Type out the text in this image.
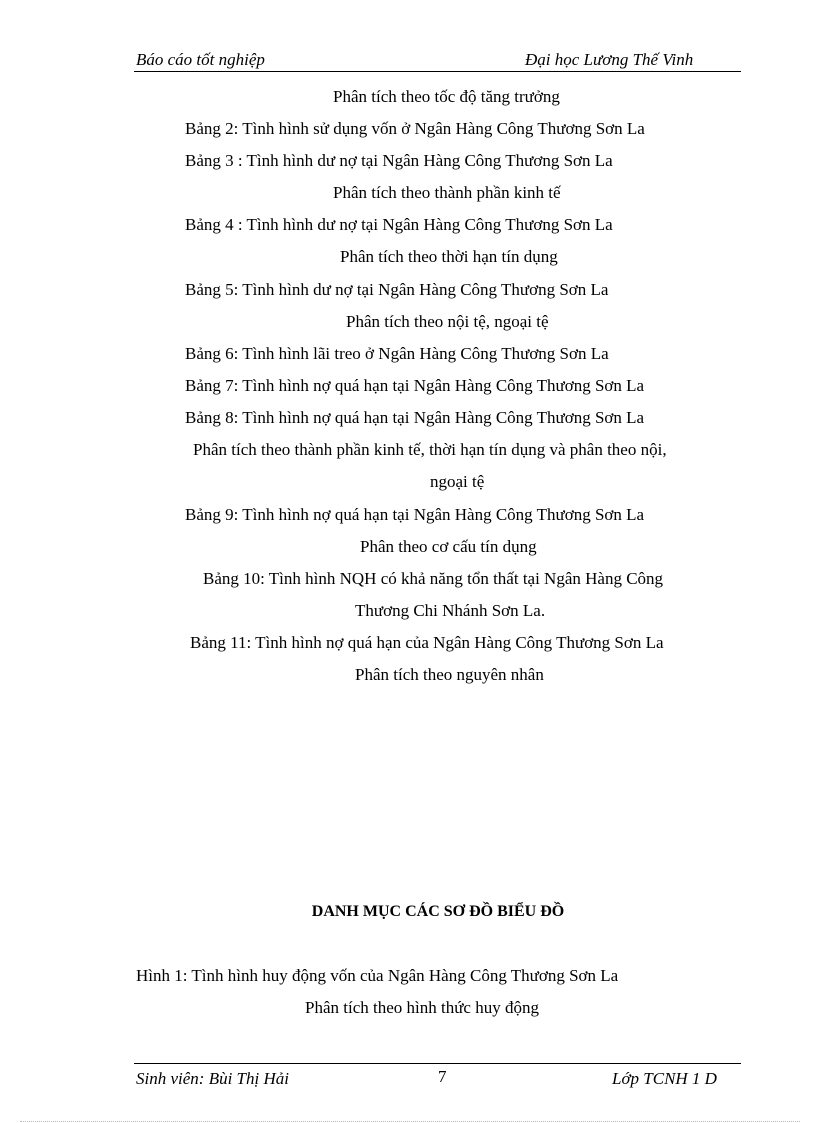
Báo cáo tốt nghiệp	Đại học Lương Thế Vinh
Phân tích theo tốc độ tăng trưởng
Bảng 2: Tình hình sử dụng vốn ở Ngân Hàng Công Thương Sơn La
Bảng 3 : Tình hình dư nợ tại Ngân Hàng Công Thương Sơn La
Phân tích theo thành phần kinh tế
Bảng 4 : Tình hình dư nợ tại Ngân Hàng Công Thương Sơn La
Phân tích theo thời hạn tín dụng
Bảng 5: Tình hình dư nợ tại Ngân Hàng Công Thương Sơn La
Phân tích theo nội tệ, ngoại tệ
Bảng 6: Tình hình lãi treo ở Ngân Hàng Công Thương Sơn La
Bảng 7: Tình hình nợ quá hạn tại Ngân Hàng Công Thương Sơn La
Bảng 8: Tình hình nợ quá hạn tại Ngân Hàng Công Thương Sơn La
Phân tích theo thành phần kinh tế, thời hạn tín dụng và phân theo nội,
ngoại tệ
Bảng 9: Tình hình nợ quá hạn tại Ngân Hàng Công Thương Sơn La
Phân theo cơ cấu tín dụng
Bảng 10: Tình hình NQH có khả năng tổn thất tại Ngân Hàng Công
Thương Chi Nhánh Sơn La.
Bảng 11: Tình hình nợ quá hạn của Ngân Hàng Công Thương Sơn La
Phân tích theo nguyên nhân
DANH MỤC CÁC SƠ ĐỒ BIỂU ĐỒ
Hình 1: Tình hình huy động vốn của Ngân Hàng Công Thương Sơn La
Phân tích theo hình thức huy động
Sinh viên: Bùi Thị Hải	7	Lớp TCNH 1 D
